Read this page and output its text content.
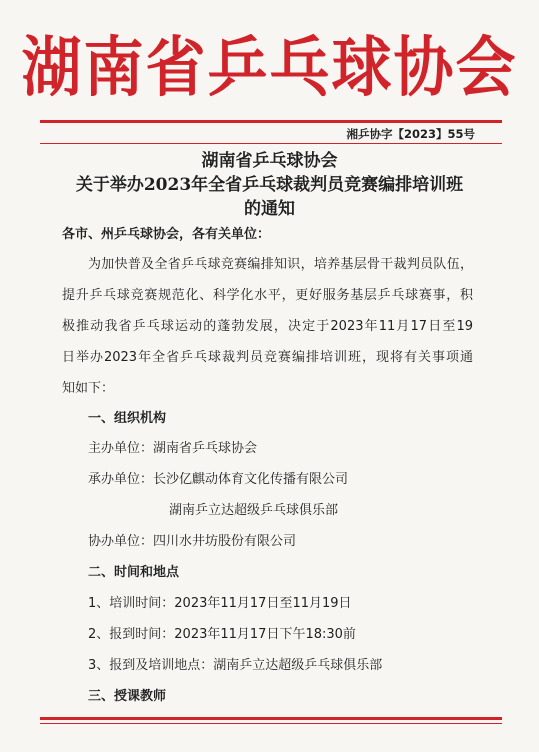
湖南省乒乓球协会
湘乒协字【2023】55号
湖南省乒乓球协会
关于举办2023年全省乒乓球裁判员竞赛编排培训班
的通知
各市、州乒乓球协会，各有关单位：
为加快普及全省乒乓球竞赛编排知识，培养基层骨干裁判员队伍，
提升乒乓球竞赛规范化、科学化水平，更好服务基层乒乓球赛事，积
极推动我省乒乓球运动的蓬勃发展，决定于2023年11月17日至19
日举办2023年全省乒乓球裁判员竞赛编排培训班，现将有关事项通
知如下：
一、组织机构
主办单位：湖南省乒乓球协会
承办单位：长沙亿麒动体育文化传播有限公司
湖南乒立达超级乒乓球俱乐部
协办单位：四川水井坊股份有限公司
二、时间和地点
1、培训时间：2023年11月17日至11月19日
2、报到时间：2023年11月17日下午18:30前
3、报到及培训地点：湖南乒立达超级乒乓球俱乐部
三、授课教师
